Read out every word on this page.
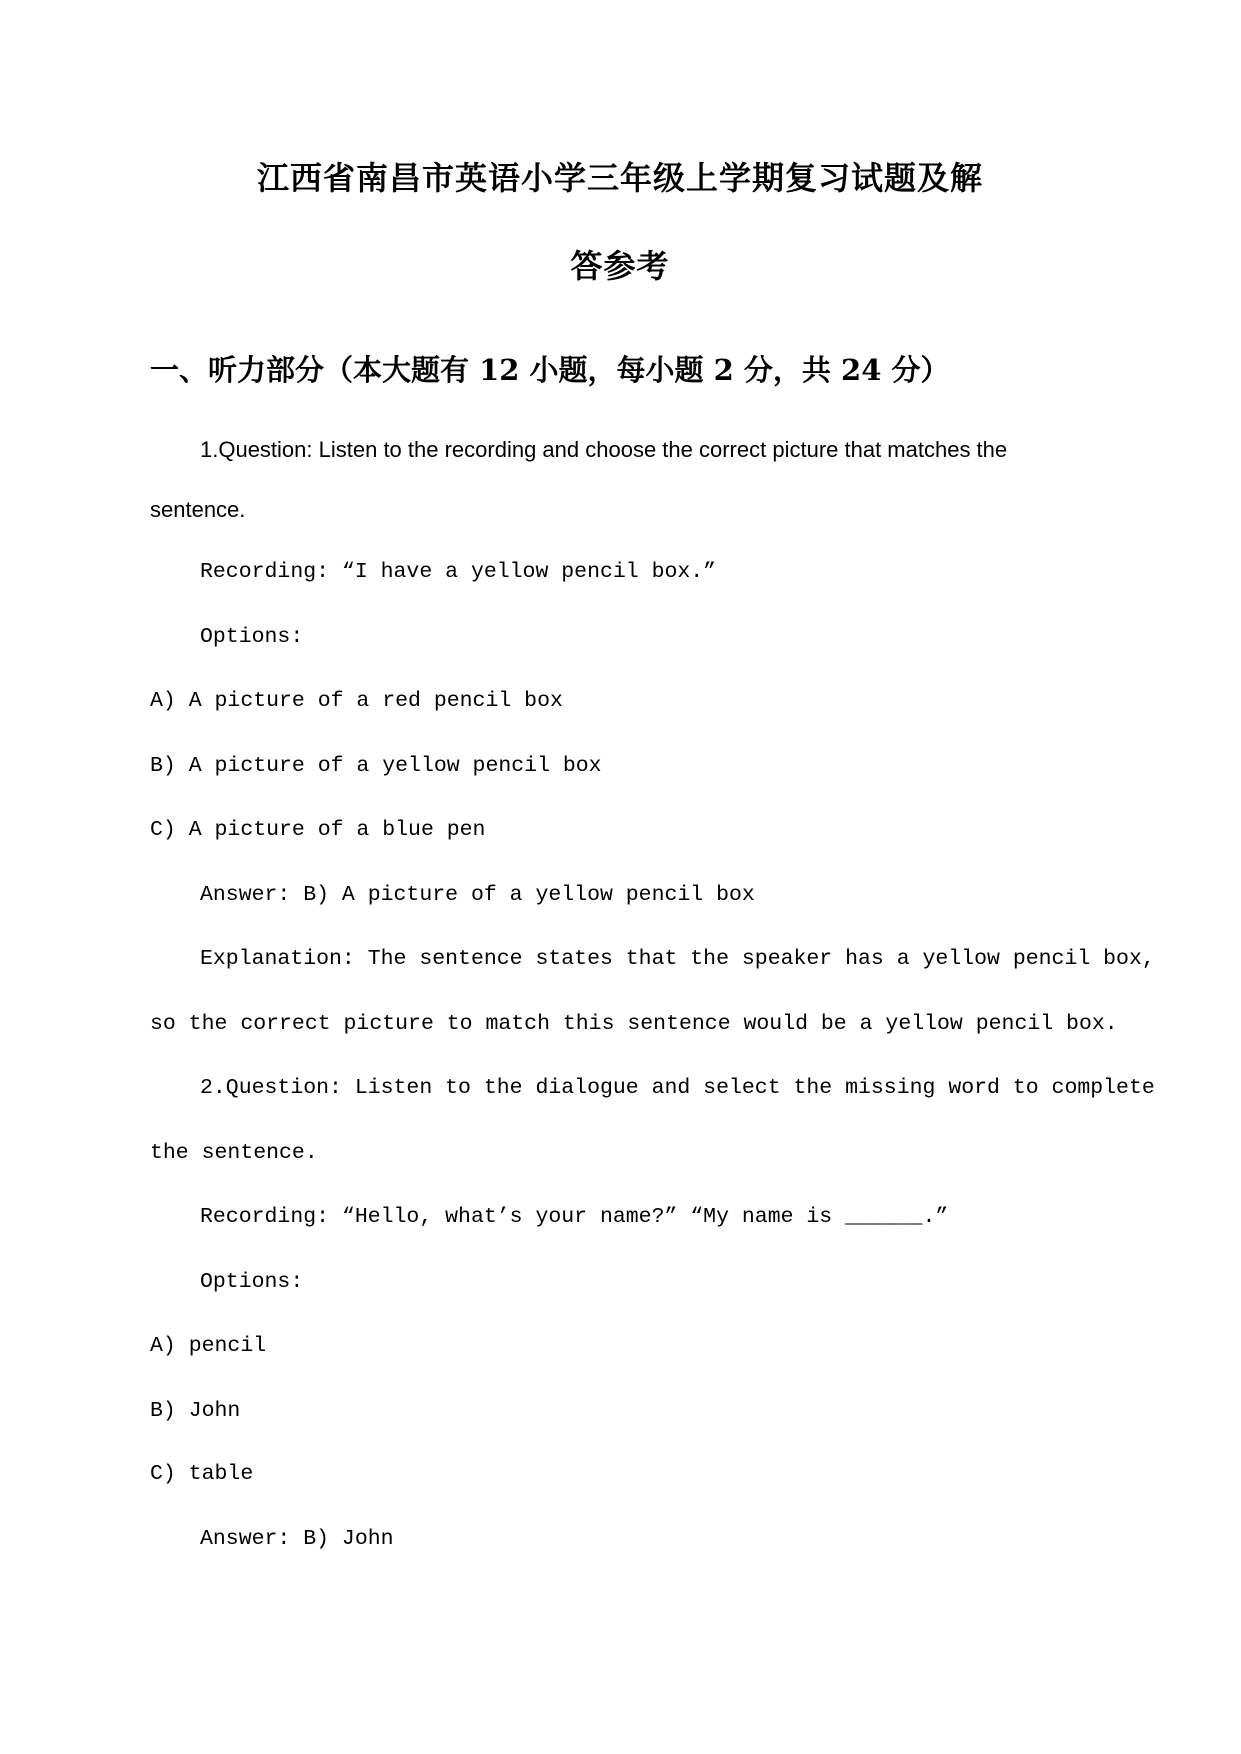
江西省南昌市英语小学三年级上学期复习试题及解
答参考
一、听力部分（本大题有 12 小题，每小题 2 分，共 24 分）
1.Question: Listen to the recording and choose the correct picture that matches the
sentence.
Recording: “I have a yellow pencil box.”
Options:
A) A picture of a red pencil box
B) A picture of a yellow pencil box
C) A picture of a blue pen
Answer: B) A picture of a yellow pencil box
Explanation: The sentence states that the speaker has a yellow pencil box,
so the correct picture to match this sentence would be a yellow pencil box.
2.Question: Listen to the dialogue and select the missing word to complete
the sentence.
Recording: “Hello, what’s your name?” “My name is ______.”
Options:
A) pencil
B) John
C) table
Answer: B) John
